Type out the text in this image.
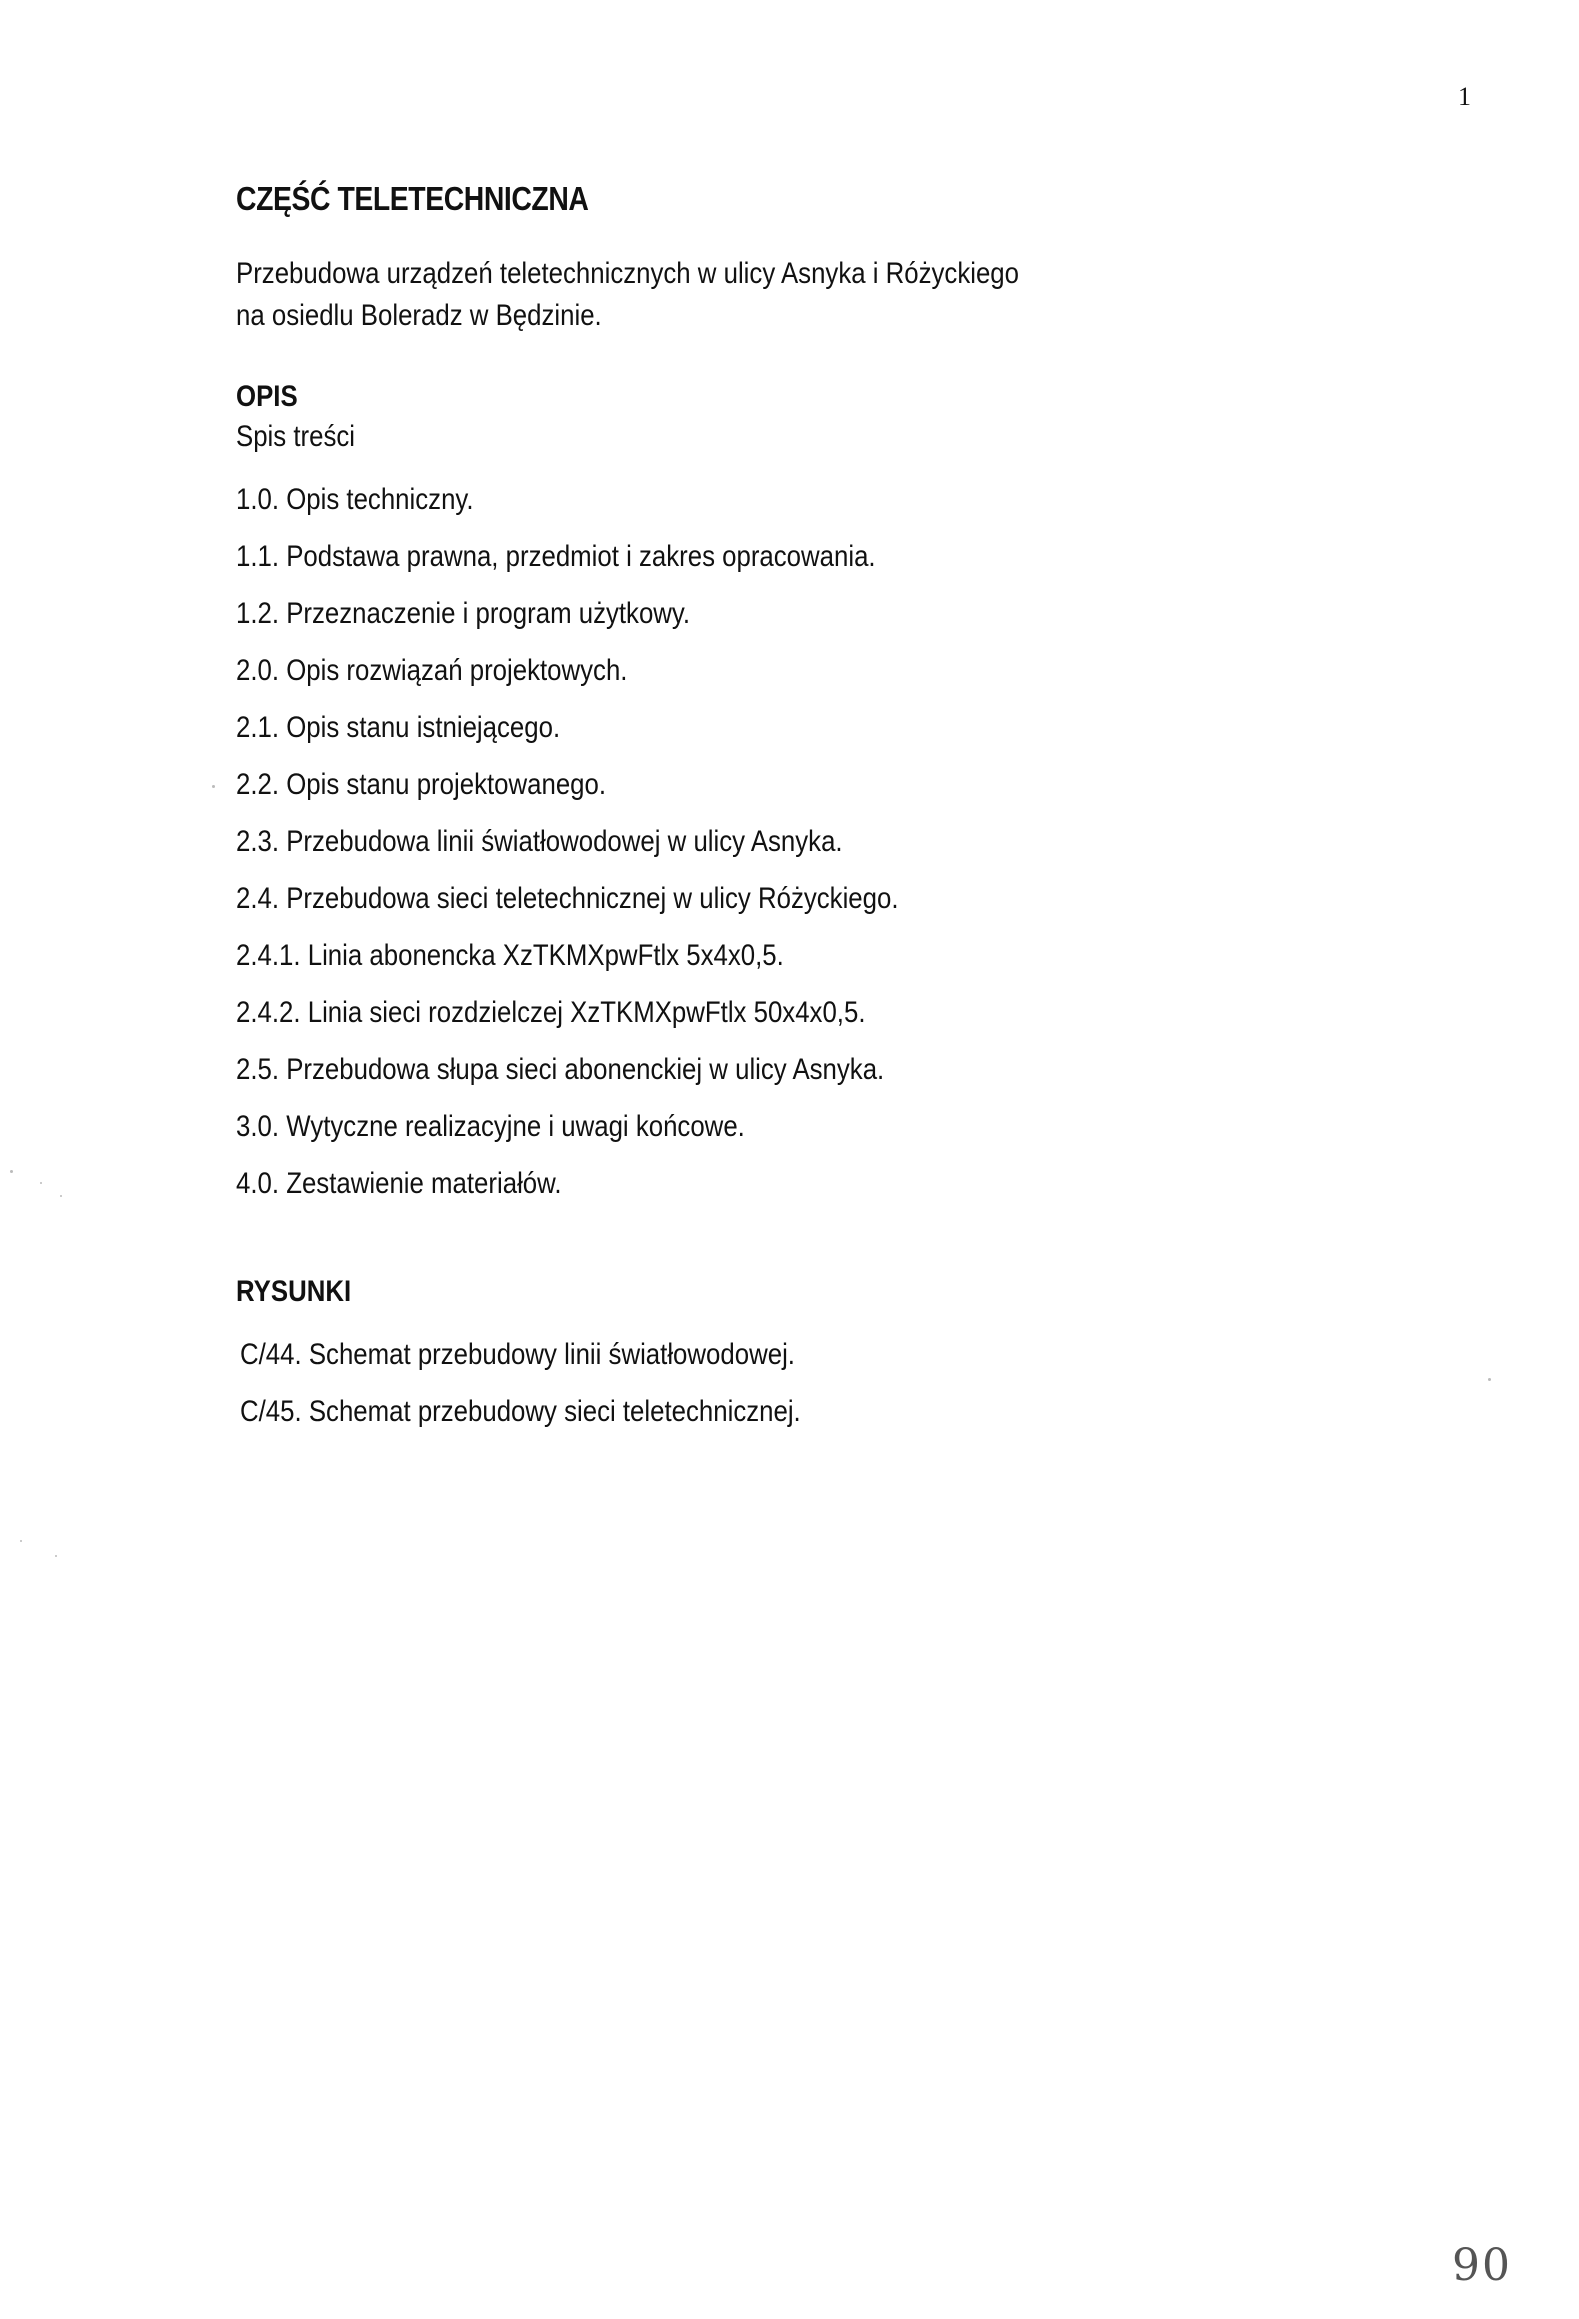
1
CZĘŚĆ TELETECHNICZNA
Przebudowa urządzeń teletechnicznych w ulicy Asnyka i Różyckiego
na osiedlu Boleradz w Będzinie.
OPIS
Spis treści
1.0. Opis techniczny.
1.1. Podstawa prawna, przedmiot i zakres opracowania.
1.2. Przeznaczenie i program użytkowy.
2.0. Opis rozwiązań projektowych.
2.1. Opis stanu istniejącego.
2.2. Opis stanu projektowanego.
2.3. Przebudowa linii światłowodowej w ulicy Asnyka.
2.4. Przebudowa sieci teletechnicznej w ulicy Różyckiego.
2.4.1. Linia abonencka XzTKMXpwFtlx 5x4x0,5.
2.4.2. Linia sieci rozdzielczej XzTKMXpwFtlx 50x4x0,5.
2.5. Przebudowa słupa sieci abonenckiej w ulicy Asnyka.
3.0. Wytyczne realizacyjne i uwagi końcowe.
4.0. Zestawienie materiałów.
RYSUNKI
C/44. Schemat przebudowy linii światłowodowej.
C/45. Schemat przebudowy sieci teletechnicznej.
90
